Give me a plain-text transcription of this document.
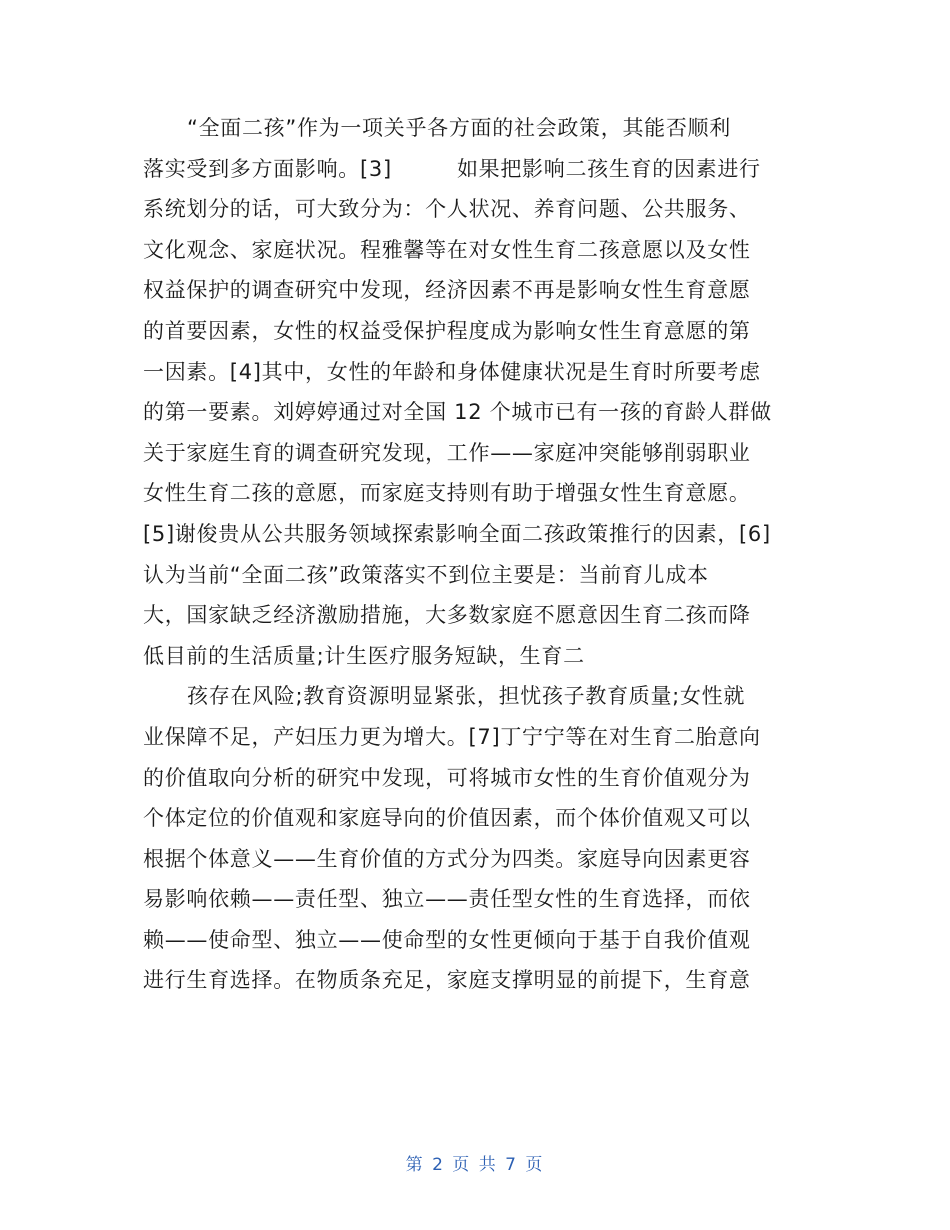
“全面二孩”作为一项关乎各方面的社会政策，其能否顺利
落实受到多方面影响。[3]　　　如果把影响二孩生育的因素进行
系统划分的话，可大致分为：个人状况、养育问题、公共服务、
文化观念、家庭状况。程雅馨等在对女性生育二孩意愿以及女性
权益保护的调查研究中发现，经济因素不再是影响女性生育意愿
的首要因素，女性的权益受保护程度成为影响女性生育意愿的第
一因素。[4]其中，女性的年龄和身体健康状况是生育时所要考虑
的第一要素。刘婷婷通过对全国 12 个城市已有一孩的育龄人群做
关于家庭生育的调查研究发现，工作——家庭冲突能够削弱职业
女性生育二孩的意愿，而家庭支持则有助于增强女性生育意愿。
[5]谢俊贵从公共服务领域探索影响全面二孩政策推行的因素，[6]
认为当前“全面二孩”政策落实不到位主要是：当前育儿成本
大，国家缺乏经济激励措施，大多数家庭不愿意因生育二孩而降
低目前的生活质量;计生医疗服务短缺，生育二
孩存在风险;教育资源明显紧张，担忧孩子教育质量;女性就
业保障不足，产妇压力更为增大。[7]丁宁宁等在对生育二胎意向
的价值取向分析的研究中发现，可将城市女性的生育价值观分为
个体定位的价值观和家庭导向的价值因素，而个体价值观又可以
根据个体意义——生育价值的方式分为四类。家庭导向因素更容
易影响依赖——责任型、独立——责任型女性的生育选择，而依
赖——使命型、独立——使命型的女性更倾向于基于自我价值观
进行生育选择。在物质条充足，家庭支撑明显的前提下，生育意
第 2 页 共 7 页
